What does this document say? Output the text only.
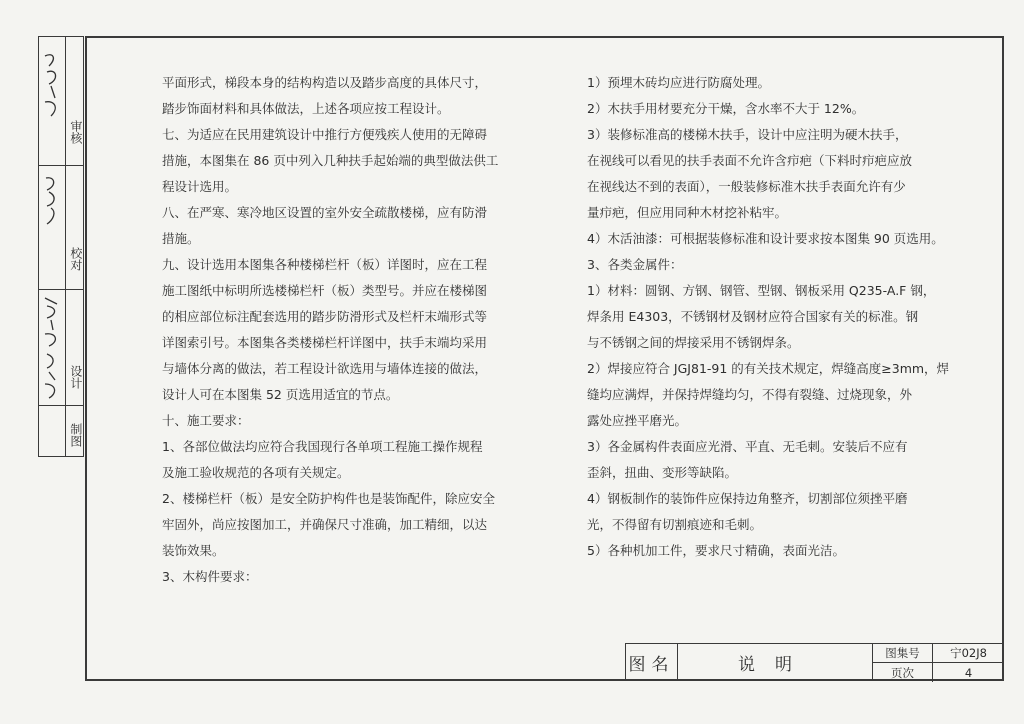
审核
校对
设计
制图

平面形式，梯段本身的结构构造以及踏步高度的具体尺寸，

踏步饰面材料和具体做法，上述各项应按工程设计。

七、为适应在民用建筑设计中推行方便残疾人使用的无障碍

措施，本图集在 86 页中列入几种扶手起始端的典型做法供工

程设计选用。

八、在严寒、寒冷地区设置的室外安全疏散楼梯，应有防滑

措施。

九、设计选用本图集各种楼梯栏杆（板）详图时，应在工程

施工图纸中标明所选楼梯栏杆（板）类型号。并应在楼梯图

的相应部位标注配套选用的踏步防滑形式及栏杆末端形式等

详图索引号。本图集各类楼梯栏杆详图中，扶手末端均采用

与墙体分离的做法，若工程设计欲选用与墙体连接的做法，

设计人可在本图集 52 页选用适宜的节点。

十、施工要求：

1、各部位做法均应符合我国现行各单项工程施工操作规程

及施工验收规范的各项有关规定。

2、楼梯栏杆（板）是安全防护构件也是装饰配件，除应安全

牢固外，尚应按图加工，并确保尺寸准确，加工精细，以达

装饰效果。

3、木构件要求：

1）预埋木砖均应进行防腐处理。

2）木扶手用材要充分干燥，含水率不大于 12%。

3）装修标准高的楼梯木扶手，设计中应注明为硬木扶手，

在视线可以看见的扶手表面不允许含疖疤（下料时疖疤应放

在视线达不到的表面），一般装修标准木扶手表面允许有少

量疖疤，但应用同种木材挖补粘牢。

4）木活油漆：可根据装修标准和设计要求按本图集 90 页选用。

3、各类金属件：

1）材料：圆钢、方钢、钢管、型钢、钢板采用 Q235-A.F 钢，

焊条用 E4303，不锈钢材及钢材应符合国家有关的标准。钢

与不锈钢之间的焊接采用不锈钢焊条。

2）焊接应符合 JGJ81-91 的有关技术规定，焊缝高度≥3mm，焊

缝均应满焊，并保持焊缝均匀，不得有裂缝、过烧现象，外

露处应挫平磨光。

3）各金属构件表面应光滑、平直、无毛刺。安装后不应有

歪斜，扭曲、变形等缺陷。

4）钢板制作的装饰件应保持边角整齐，切割部位须挫平磨

光，不得留有切割痕迹和毛刺。

5）各种机加工件，要求尺寸精确，表面光洁。

图名	说明
图集号	宁02J8
页次	4
